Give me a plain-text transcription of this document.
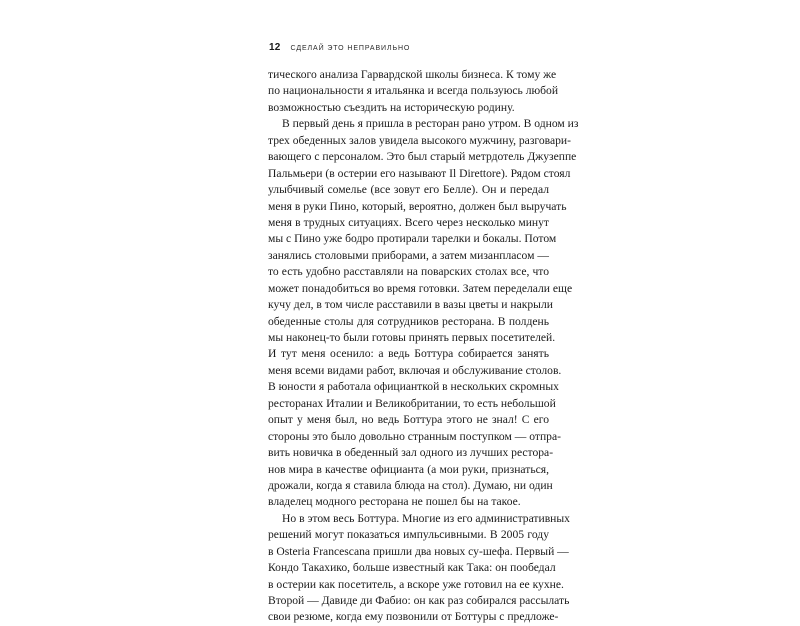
12 СДЕЛАЙ ЭТО НЕПРАВИЛЬНО
тического анализа Гарвардской школы бизнеса. К тому же
по национальности я итальянка и всегда пользуюсь любой
возможностью съездить на историческую родину.
В первый день я пришла в ресторан рано утром. В одном из
трех обеденных залов увидела высокого мужчину, разговари-
вающего с персоналом. Это был старый метрдотель Джузеппе
Пальмьери (в остерии его называют Il Direttore). Рядом стоял
улыбчивый сомелье (все зовут его Белле). Он и передал
меня в руки Пино, который, вероятно, должен был выручать
меня в трудных ситуациях. Всего через несколько минут
мы с Пино уже бодро протирали тарелки и бокалы. Потом
занялись столовыми приборами, а затем мизанпласом —
то есть удобно расставляли на поварских столах все, что
может понадобиться во время готовки. Затем переделали еще
кучу дел, в том числе расставили в вазы цветы и накрыли
обеденные столы для сотрудников ресторана. В полдень
мы наконец-то были готовы принять первых посетителей.
И тут меня осенило: а ведь Боттура собирается занять
меня всеми видами работ, включая и обслуживание столов.
В юности я работала официанткой в нескольких скромных
ресторанах Италии и Великобритании, то есть небольшой
опыт у меня был, но ведь Боттура этого не знал! С его
стороны это было довольно странным поступком — отпра-
вить новичка в обеденный зал одного из лучших рестора-
нов мира в качестве официанта (а мои руки, признаться,
дрожали, когда я ставила блюда на стол). Думаю, ни один
владелец модного ресторана не пошел бы на такое.
Но в этом весь Боттура. Многие из его административных
решений могут показаться импульсивными. В 2005 году
в Osteria Francescana пришли два новых су-шефа. Первый —
Кондо Такахико, больше известный как Така: он пообедал
в остерии как посетитель, а вскоре уже готовил на ее кухне.
Второй — Давиде ди Фабио: он как раз собирался рассылать
свои резюме, когда ему позвонили от Боттуры с предложе-
